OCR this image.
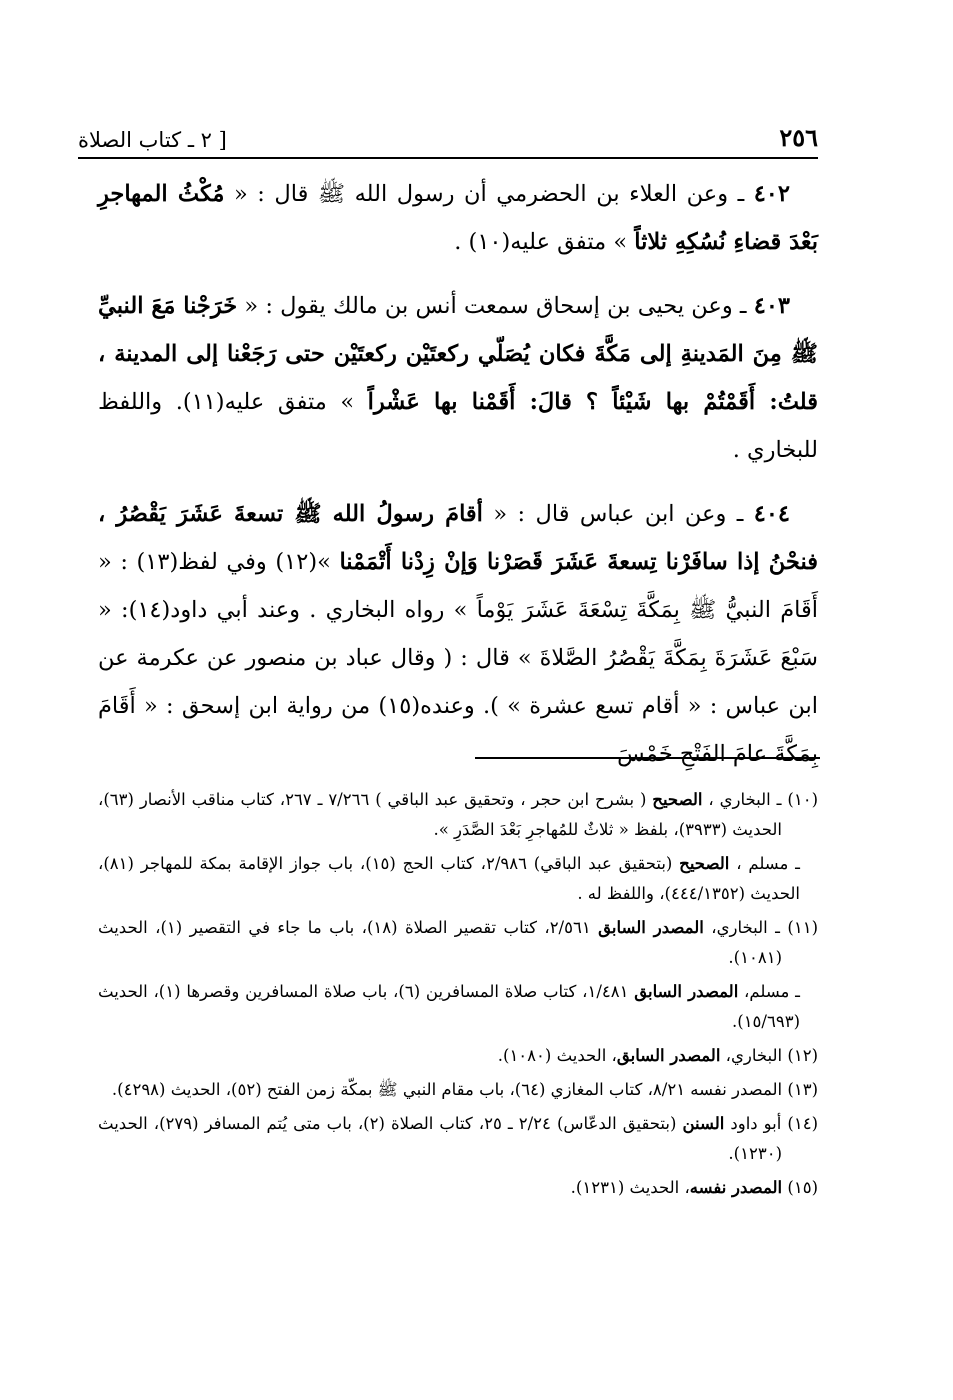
٢٥٦
[ ٢ ـ كتاب الصلاة

٤٠٢ ـ وعن العلاء بن الحضرمي أن رسول الله ﷺ قال : « مُكْثُ المهاجرِ بَعْدَ قضاءِ نُسُكِهِ ثلاثاً » متفق عليه(١٠) .

٤٠٣ ـ وعن يحيى بن إسحاق سمعت أنس بن مالك يقول : « خَرَجْنا مَعَ النبيِّ ﷺ مِنَ المَدينةِ إلى مَكَّةَ فكان يُصَلّي ركعتَيْن ركعتَيْن حتى رَجَعْنا إلى المدينة ، قلتُ: أَقَمْتُمْ بها شَيْئاً ؟ قالَ: أَقَمْنا بها عَشْراً » متفق عليه(١١). واللفظ للبخاري .

٤٠٤ ـ وعن ابن عباس قال : « أقامَ رسولُ الله ﷺ تسعةَ عَشَرَ يَقْصُرُ ، فنحْنُ إذا سافَرْنا تِسعةَ عَشَرَ قَصَرْنا وَإنْ زِدْنا أَتْمَمْنا »(١٢) وفي لفظ(١٣) : « أَقَامَ النبيُّ ﷺ بِمَكَّةَ تِسْعَةَ عَشَرَ يَوْماً » رواه البخاري . وعند أبي داود(١٤): « سَبْعَ عَشَرَةَ بِمَكَّةَ يَقْصُرُ الصَّلاةَ » قال : ( وقال عباد بن منصور عن عكرمة عن ابن عباس : « أقام تسع عشرة » ). وعنده(١٥) من رواية ابن إسحق : « أَقَامَ بِمَكَّةَ عامَ الفَتْحِ خَمْسَ

(١٠) ـ البخاري ، الصحيح ( بشرح ابن حجر ، وتحقيق عبد الباقي ) ٧/٢٦٦ ـ ٢٦٧، كتاب مناقب الأنصار (٦٣)، الحديث (٣٩٣٣)، بلفظ « ثلاثٌ للمُهاجرِ بَعْدَ الصَّدَرِ ».

ـ مسلم ، الصحيح (بتحقيق عبد الباقي) ٢/٩٨٦، كتاب الحج (١٥)، باب جواز الإقامة بمكة للمهاجر (٨١)، الحديث (٤٤٤/١٣٥٢)، واللفظ له .

(١١) ـ البخاري، المصدر السابق ٢/٥٦١، كتاب تقصير الصلاة (١٨)، باب ما جاء في التقصير (١)، الحديث (١٠٨١).

ـ مسلم، المصدر السابق ١/٤٨١، كتاب صلاة المسافرين (٦)، باب صلاة المسافرين وقصرها (١)، الحديث (١٥/٦٩٣).

(١٢) البخاري، المصدر السابق، الحديث (١٠٨٠).

(١٣) المصدر نفسه ٨/٢١، كتاب المغازي (٦٤)، باب مقام النبي ﷺ بمكّة زمن الفتح (٥٢)، الحديث (٤٢٩٨).

(١٤) أبو داود السنن (بتحقيق الدعّاس) ٢/٢٤ ـ ٢٥، كتاب الصلاة (٢)، باب متى يُتم المسافر (٢٧٩)، الحديث (١٢٣٠).

(١٥) المصدر نفسه، الحديث (١٢٣١).
